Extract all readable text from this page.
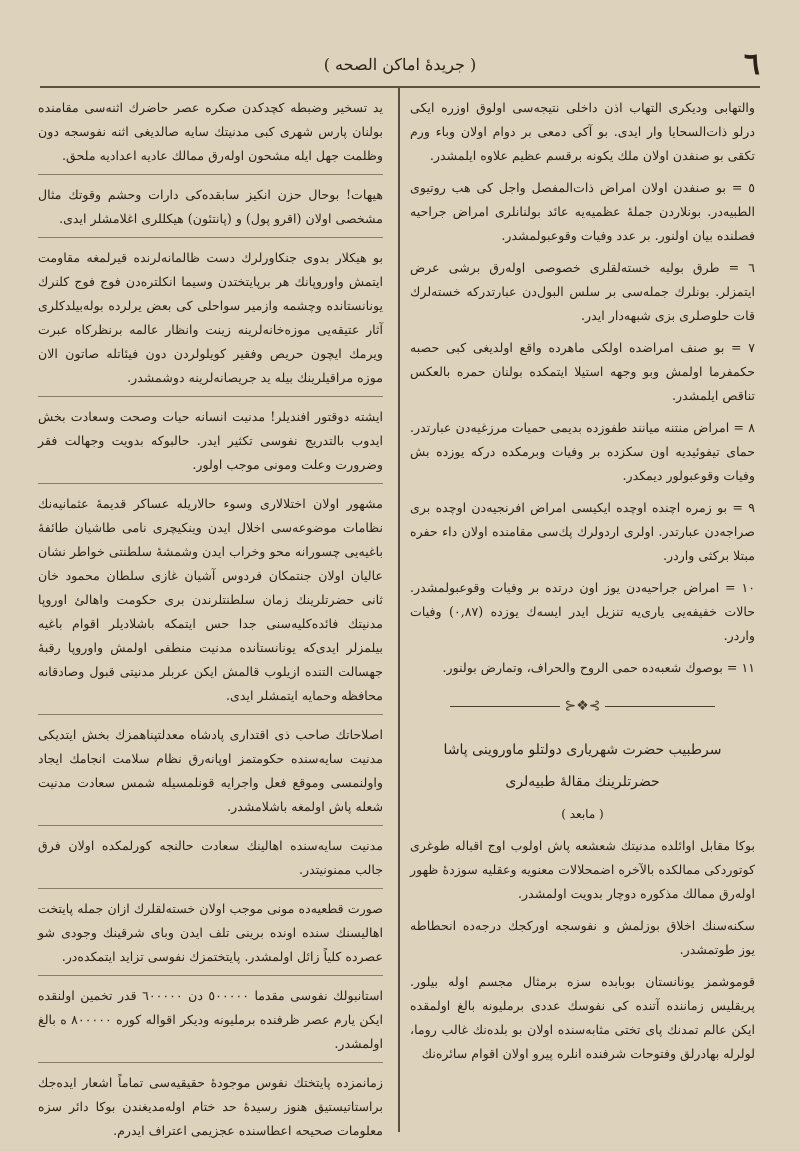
٦
( جريدهٔ اماكن الصحه )

والتهابى وديكرى التهاب اذن داخلى نتيجه‌سى اولوق اوزره ايكى درلو ذات‌السحايا وار ايدى. بو آكى دمعى بر دوام اولان وباء ورم تكقى بو صنفدن اولان ملك يكونه برقسم عظيم علاوه ايلمشدر.

٥ = بو صنفدن اولان امراض ذات‌المفصل واجل كى هب روتيوى الطبيه‌در. بونلاردن جملهٔ عظميه‌يه عائد بولنانلرى امراض جراحيه فصلنده بيان اولنور. بر عدد وفيات وقوعبولمشدر.

٦ = طرق بوليه خسته‌لقلرى خصوصى اوله‌رق برشى عرض ايتمزلر. بونلرك جمله‌سى بر سلس البول‌دن عبارتدركه خسته‌لرك قات حلوصلرى بزى شبهه‌دار ايدر.

٧ = بو صنف امراضده اولكى ماهرده واقع اولديغى كبى حصبه حكمفرما اولمش وبو وجهه استيلا ايتمكده بولنان حمره بالعكس تناقص ايلمشدر.

٨ = امراض منتنه ميانند طفوزده بديمى حميات مرزغيه‌دن عبارتدر. حماى تيفوئيديه اون سكزده بر وفيات وبرمكده دركه يوزده بش وفيات وقوعبولور ديمكدر.

٩ = بو زمره اچنده اوچده ايكيسى امراض افرنجيه‌دن اوچده برى صراجه‌دن عبارتدر. اولرى اردولرك پك‌سى مقامنده اولان داء حفره مبتلا بركثى واردر.

١٠ = امراض جراحيه‌دن يوز اون درتده بر وفيات وقوعبولمشدر. حالات خفيفه‌يى يارى‌يه تنزيل ايدر ايسه‌ك يوزده (٠,٨٧) وفيات واردر.

١١ = بوصوك شعبه‌ده حمى الروح والحراف، وتمارض بولنور.

⊱❖⊰

سرطبيب حضرت شهريارى دولتلو ماوروينى پاشا

حضرتلرينك مقالهٔ طبيه‌لرى

( مابعد )

بوكا مقابل اوائلده مدنيتك شعشعه پاش اولوب اوج اقباله طوغرى كوتوردكى ممالكده بالآخره اضمحلالات معنويه وعقليه سوزدهٔ ظهور اوله‌رق ممالك مذكوره دوچار بدويت اولمشدر.

سكنه‌سنك اخلاق بوزلمش و نفوسجه اوركجك درجه‌ده انحطاطه يوز طوتمشدر.

قوموشمز يونانستان بوبابده سزه برمثال مجسم اوله بيلور. پريقليس زماننده آتنده كى نفوسك عددى برمليونه بالغ اولمقده ايكن عالم تمدنك پاى تختى مثابه‌سنده اولان بو بلده‌نك غالب روما، لولرله بهادرلق وفتوحات شرفنده انلره پيرو اولان اقوام سائره‌نك

يد تسخير وضبطه كچدكدن صكره عصر حاضرك اثنه‌سى مقامنده بولنان پارس شهرى كبى مدنيتك سايه صالديغى اثنه نفوسجه دون وظلمت جهل ايله مشحون اوله‌رق ممالك عاديه اعداديه ملحق.

هيهات! بوحال حزن انكيز سابقده‌كى دارات وحشم وقوتك مثال مشخصى اولان (اقرو پول) و (پانتئون) هيكللرى اغلامشلر ايدى.

بو هيكلار بدوى جنكاورلرك دست ظالمانه‌لرنده قيرلمغه مقاومت ايتمش واوروپانك هر برپايتختدن وسيما انكلتره‌دن فوج فوج كلنرك يونانستانده وچشمه وازمير سواحلى كى بعض يرلرده بوله‌بيلدكلرى آثار عتيقه‌يى موزه‌خانه‌لرينه زينت وانظار عالمه برنظركاه عبرت ويرمك ايچون حريص وفقير كويلولردن دون فيئاتله صاتون الان موزه مراقيلرينك بيله يد جريصانه‌لرينه دوشمشدر.

ايشته دوقتور افنديلر! مدنيت انسانه حيات وصحت وسعادت بخش ايدوب بالتدريج نفوسى تكثير ايدر. حالبوكه بدويت وجهالت فقر وضرورت وعلت ومونى موجب اولور.

مشهور اولان اختلالارى وسوء حالاريله عساكر قديمهٔ عثمانيه‌نك نظامات موضوعه‌سى اخلال ايدن وينكيچرى نامى طاشيان طائفهٔ باغيه‌يى چسورانه محو وخراب ايدن وشمشهٔ سلطنتى خواطر نشان عاليان اولان جنتمكان فردوس آشيان غازى سلطان محمود خان ثانى حضرتلرينك زمان سلطنتلرندن برى حكومت واهالئ اوروپا مدنيتك فائده‌كليه‌سنى جدا حس ايتمكه باشلاديلر اقوام باغيه بيلمزلر ايدى‌كه يونانستانده مدنيت منطفى اولمش واوروپا رقبهٔ جهسالت التنده ازيلوب قالمش ايكن عربلر مدنيتى قبول وصادقانه محافظه وحمايه ايتمشلر ايدى.

اصلاحاتك صاحب ذى اقتدارى پادشاه معدلتپناهمزك بخش ايتديكى مدنيت سايه‌سنده حكومتمز اوپانه‌رق نظام سلامت انجامك ايجاد واولنمسى وموقع فعل واجرايه قونلمسيله شمس سعادت مدنيت شعله پاش اولمغه باشلامشدر.

مدنيت سايه‌سنده اهالينك سعادت حالنجه كورلمكده اولان فرق جالب ممنونيتدر.

صورت قطعيه‌ده مونى موجب اولان خسته‌لقلرك ازان جمله پايتخت اهاليسنك سنده اونده برينى تلف ايدن وباى شرقينك وجودى شو عصرده كلياً زائل اولمشدر. پايتختمزك نفوسى تزايد ايتمكده‌در.

استانبولك نفوسى مقدما ٥٠٠٠٠٠ دن ٦٠٠٠٠٠ قدر تخمين اولنقده ايكن يارم عصر ظرفنده برمليونه وديكر اقواله كوره ٨٠٠٠٠٠ ه بالغ اولمشدر.

زمانمزده پايتختك نفوس موجودهٔ حقيقيه‌سى تماماً اشعار ايده‌جك براستاتيستيق هنوز رسيدهٔ حد ختام اوله‌مديغندن بوكا دائر سزه معلومات صحيحه اعطاسنده عجزيمى اعتراف ايدرم.
